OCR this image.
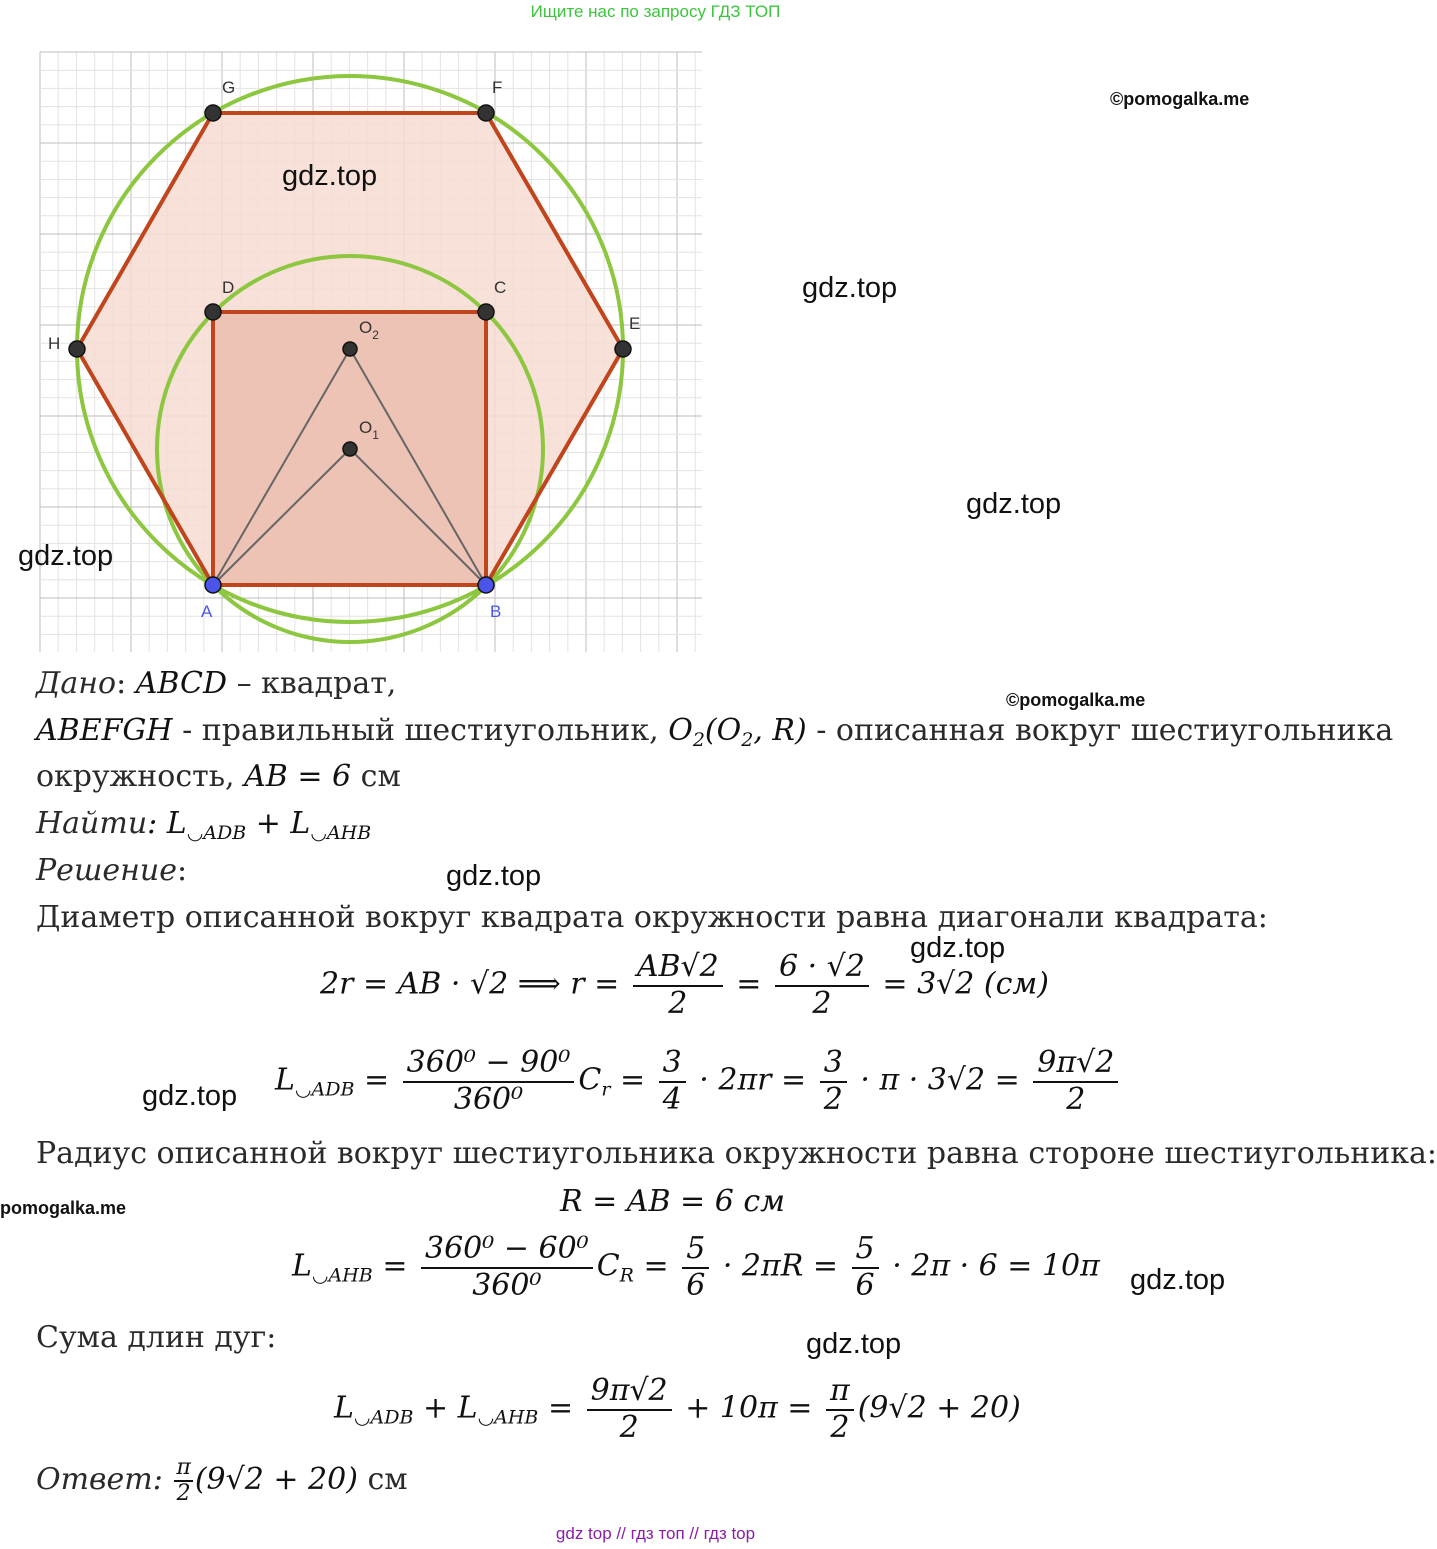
Ищите нас по запросу ГДЗ ТОП
G	F
D	C
H
E
$O_2$
$O_1$
A	B
gdz.top
gdz.top
gdz.top
gdz.top
gdz.top
gdz.top
gdz.top
gdz.top
gdz.top
©pomogalka.me
©pomogalka.me
pomogalka.me
Дано: ABCD – квадрат,
ABEFGH - правильный шестиугольник, $O_2(O_2$, R) - описанная вокруг шестиугольника
окружность, AB = 6 см
Найти: $L_{◡ADB} + L_{◡AHB}$
Решение:
Диаметр описанной вокруг квадрата окружности равна диагонали квадрата:
2r = AB · √2 ⟹ $r = \frac{AB√2}{2} = \frac{6 \cdot √2}{2} = 3√2$ (см)
$L_{◡ADB} = \frac{\text{360⁰ − 90⁰}}{\text{360⁰}} C_r = \frac{3}{4} \cdot 2\pi r = \frac{3}{2} \cdot \pi \cdot 3√2 = \frac{9\pi√2}{2}$
Радиус описанной вокруг шестиугольника окружности равна стороне шестиугольника:
R = AB = 6 см
$L_{◡AHB} = \frac{\text{360⁰ − 60⁰}}{\text{360⁰}} C_R = \frac{5}{6} \cdot 2\pi R = \frac{5}{6} \cdot 2\pi \cdot 6 = 10\pi$
Сума длин дуг:
$L_{◡ADB} + L_{◡AHB} = \frac{9\pi√2}{2} + 10\pi = \frac{\pi}{2} (9√2 + 20)$
Ответ: $\frac{\pi}{2} (9√2 + 20)$ см
gdz top // гдз топ // гдз top
